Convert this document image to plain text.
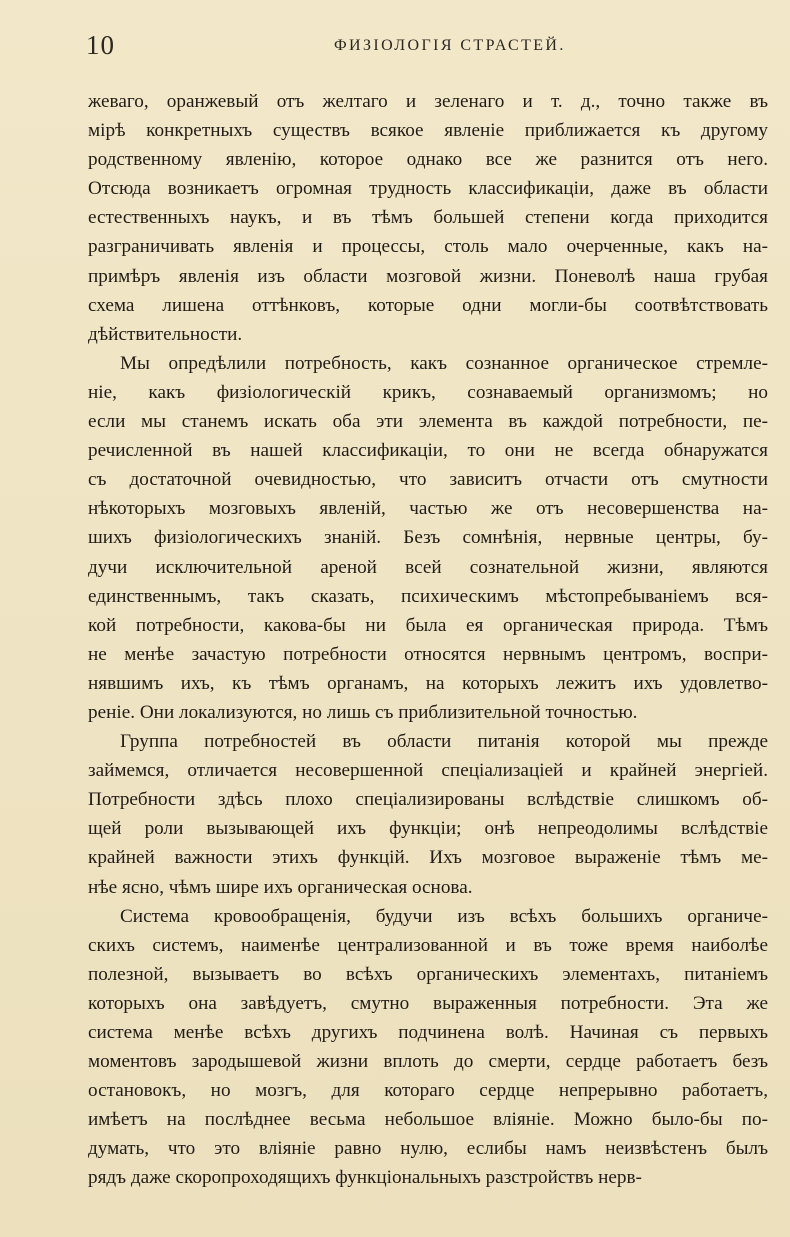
10	ФИЗІОЛОГІЯ СТРАСТЕЙ.
жеваго, оранжевый отъ желтаго и зеленаго и т. д., точно также въ
мірѣ конкретныхъ существъ всякое явленіе приближается къ другому
родственному явленію, которое однако все же разнится отъ него.
Отсюда возникаетъ огромная трудность классификаціи, даже въ области
естественныхъ наукъ, и въ тѣмъ большей степени когда приходится
разграничивать явленія и процессы, столь мало очерченные, какъ на-
примѣръ явленія изъ области мозговой жизни. Поневолѣ наша грубая
схема лишена оттѣнковъ, которые одни могли-бы соотвѣтствовать
дѣйствительности.
Мы опредѣлили потребность, какъ сознанное органическое стремле-
ніе, какъ физіологическій крикъ, сознаваемый организмомъ; но
если мы станемъ искать оба эти элемента въ каждой потребности, пе-
речисленной въ нашей классификаціи, то они не всегда обнаружатся
съ достаточной очевидностью, что зависитъ отчасти отъ смутности
нѣкоторыхъ мозговыхъ явленій, частью же отъ несовершенства на-
шихъ физіологическихъ знаній. Безъ сомнѣнія, нервные центры, бу-
дучи исключительной ареной всей сознательной жизни, являются
единственнымъ, такъ сказать, психическимъ мѣстопребываніемъ вся-
кой потребности, какова-бы ни была ея органическая природа. Тѣмъ
не менѣе зачастую потребности относятся нервнымъ центромъ, воспри-
нявшимъ ихъ, къ тѣмъ органамъ, на которыхъ лежитъ ихъ удовлетво-
реніе. Они локализуются, но лишь съ приблизительной точностью.
Группа потребностей въ области питанія которой мы прежде
займемся, отличается несовершенной спеціализаціей и крайней энергіей.
Потребности здѣсь плохо спеціализированы вслѣдствіе слишкомъ об-
щей роли вызывающей ихъ функціи; онѣ непреодолимы вслѣдствіе
крайней важности этихъ функцій. Ихъ мозговое выраженіе тѣмъ ме-
нѣе ясно, чѣмъ шире ихъ органическая основа.
Система кровообращенія, будучи изъ всѣхъ большихъ органиче-
скихъ системъ, наименѣе централизованной и въ тоже время наиболѣе
полезной, вызываетъ во всѣхъ органическихъ элементахъ, питаніемъ
которыхъ она завѣдуетъ, смутно выраженныя потребности. Эта же
система менѣе всѣхъ другихъ подчинена волѣ. Начиная съ первыхъ
моментовъ зародышевой жизни вплоть до смерти, сердце работаетъ безъ
остановокъ, но мозгъ, для котораго сердце непрерывно работаетъ,
имѣетъ на послѣднее весьма небольшое вліяніе. Можно было-бы по-
думать, что это вліяніе равно нулю, еслибы намъ неизвѣстенъ былъ
рядъ даже скоропроходящихъ функціональныхъ разстройствъ нерв-
